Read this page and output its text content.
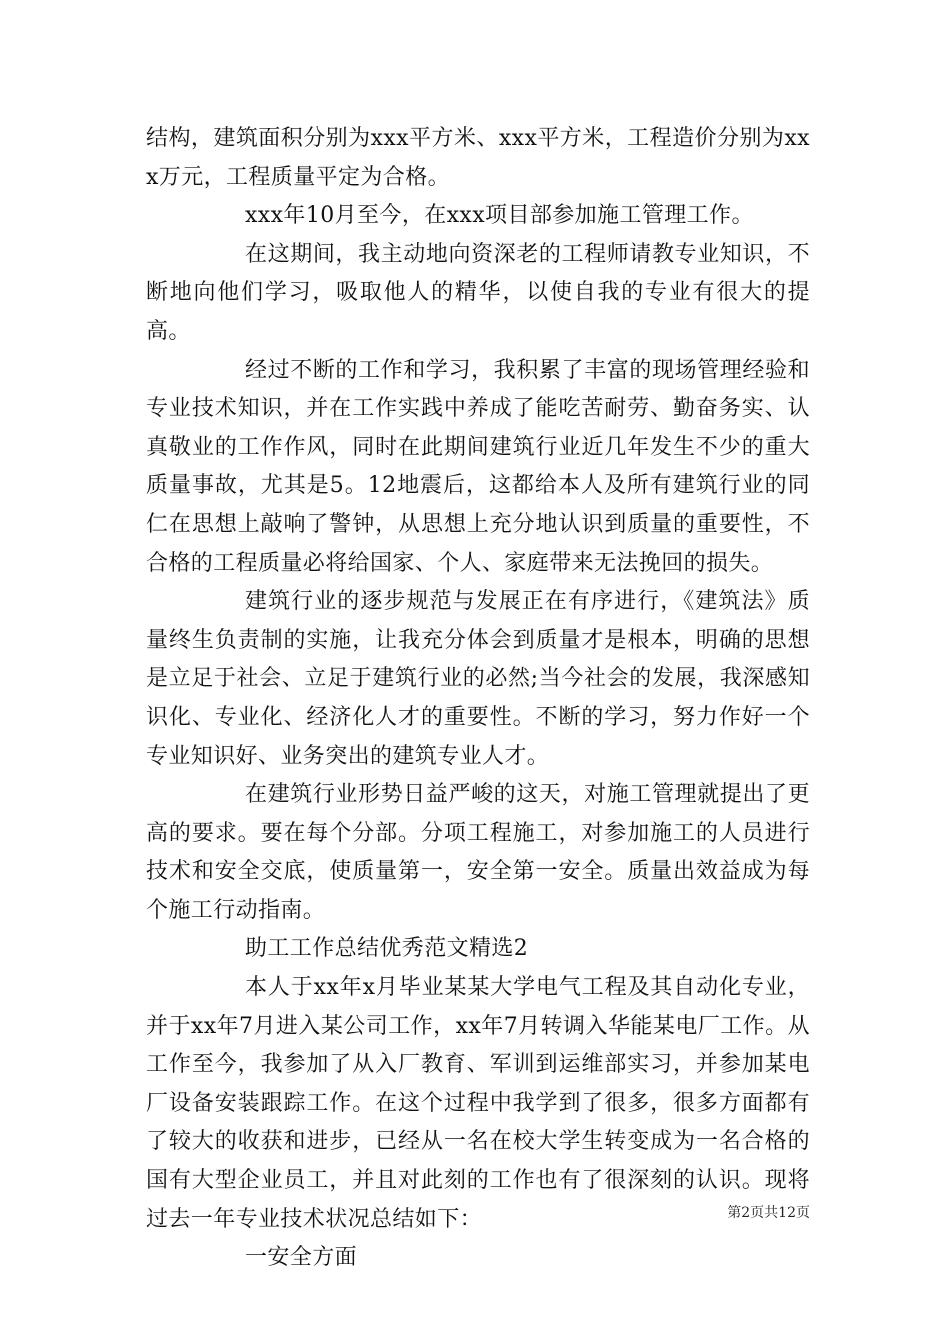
结构，建筑面积分别为xxx平方米、xxx平方米，工程造价分别为xxx万元，工程质量平定为合格。

xxx年10月至今，在xxx项目部参加施工管理工作。

在这期间，我主动地向资深老的工程师请教专业知识，不断地向他们学习，吸取他人的精华，以使自我的专业有很大的提高。

经过不断的工作和学习，我积累了丰富的现场管理经验和专业技术知识，并在工作实践中养成了能吃苦耐劳、勤奋务实、认真敬业的工作作风，同时在此期间建筑行业近几年发生不少的重大质量事故，尤其是5。12地震后，这都给本人及所有建筑行业的同仁在思想上敲响了警钟，从思想上充分地认识到质量的重要性，不合格的工程质量必将给国家、个人、家庭带来无法挽回的损失。

建筑行业的逐步规范与发展正在有序进行，《建筑法》质量终生负责制的实施，让我充分体会到质量才是根本，明确的思想是立足于社会、立足于建筑行业的必然;当今社会的发展，我深感知识化、专业化、经济化人才的重要性。不断的学习，努力作好一个专业知识好、业务突出的建筑专业人才。

在建筑行业形势日益严峻的这天，对施工管理就提出了更高的要求。要在每个分部。分项工程施工，对参加施工的人员进行技术和安全交底，使质量第一，安全第一安全。质量出效益成为每个施工行动指南。

助工工作总结优秀范文精选2

本人于xx年x月毕业某某大学电气工程及其自动化专业，并于xx年7月进入某公司工作，xx年7月转调入华能某电厂工作。从工作至今，我参加了从入厂教育、军训到运维部实习，并参加某电厂设备安装跟踪工作。在这个过程中我学到了很多，很多方面都有了较大的收获和进步，已经从一名在校大学生转变成为一名合格的国有大型企业员工，并且对此刻的工作也有了很深刻的认识。现将过去一年专业技术状况总结如下：

一安全方面

第2页共12页
